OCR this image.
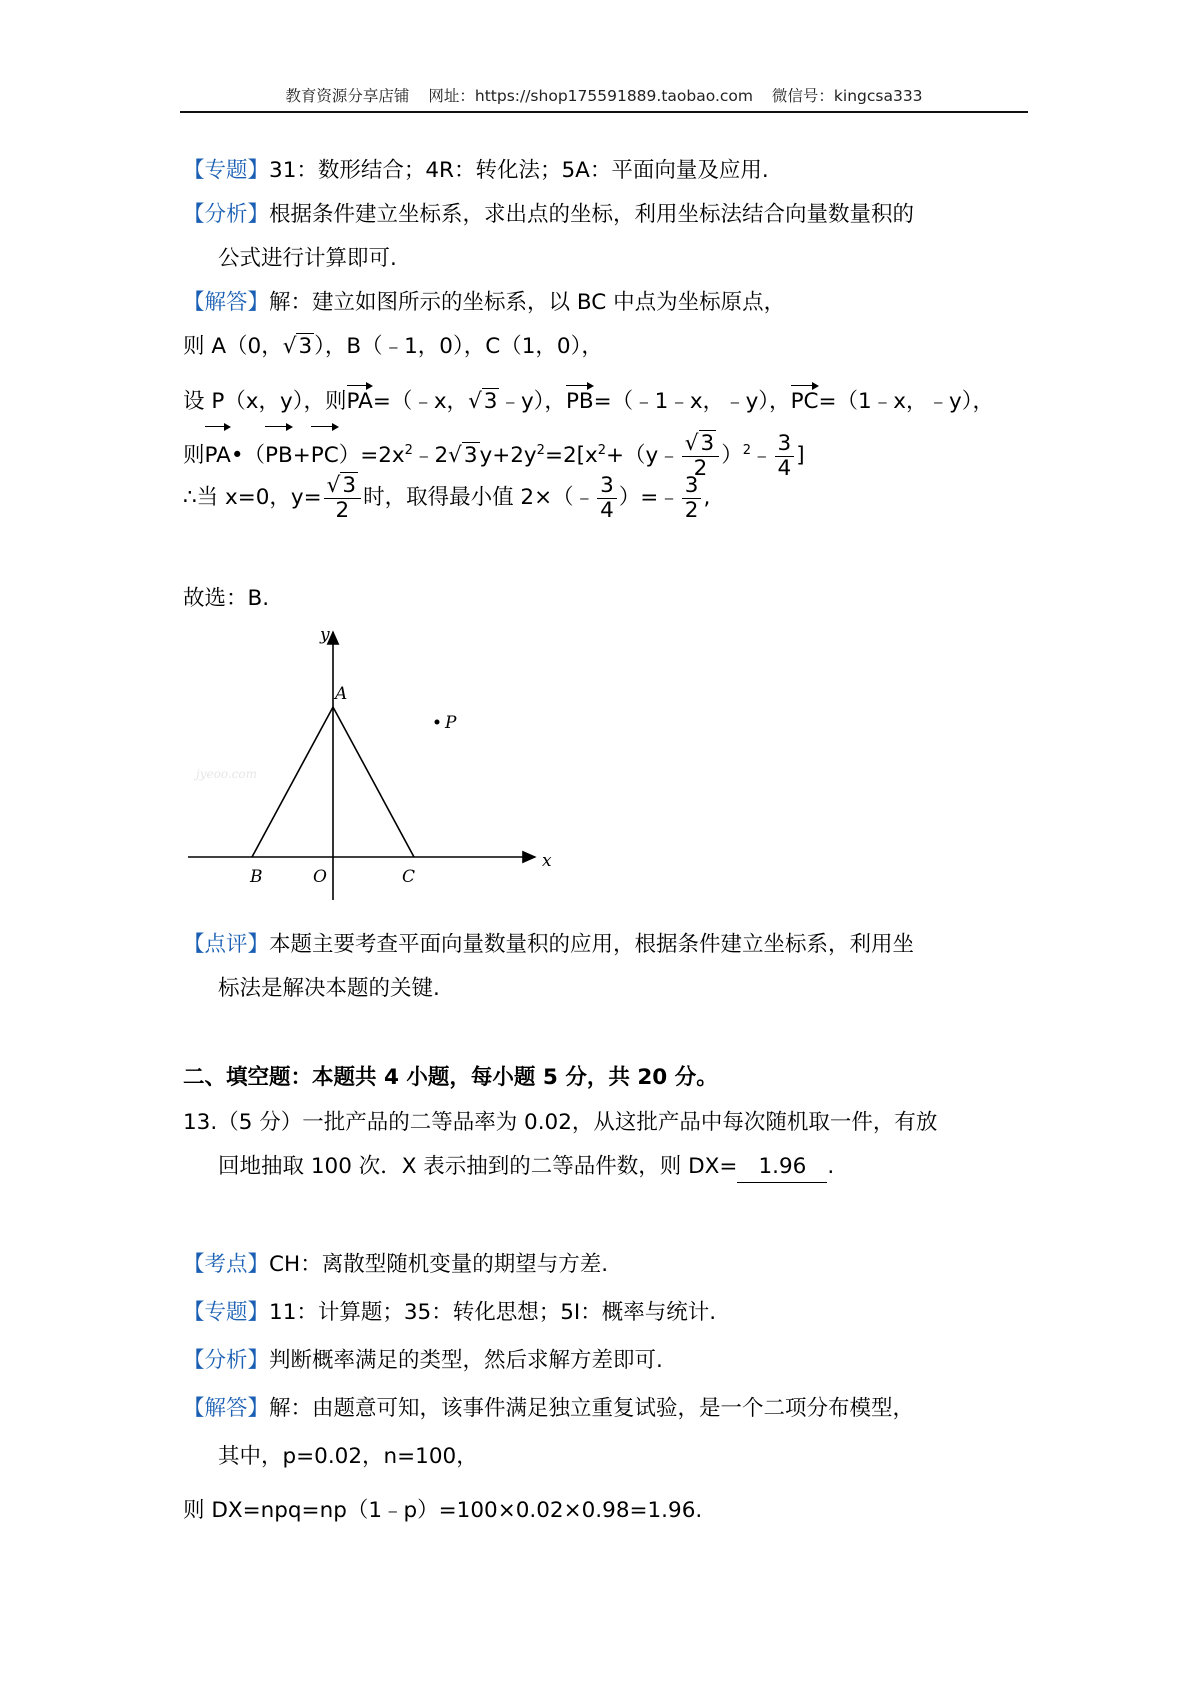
教育资源分享店铺 网址：https://shop175591889.taobao.com 微信号：kingcsa333
【专题】31：数形结合；4R：转化法；5A：平面向量及应用.
【分析】根据条件建立坐标系，求出点的坐标，利用坐标法结合向量数量积的
公式进行计算即可.
【解答】解：建立如图所示的坐标系，以 BC 中点为坐标原点，
则 A（0，√3），B（﹣1，0），C（1，0），
设 P（x，y），则PA=（﹣x，√3﹣y），PB=（﹣1﹣x，﹣y），PC=（1﹣x，﹣y），
则$PA•(PB+PC)=2x^2﹣2√3y+2y^2=2[x^2+(y﹣ \frac{√3}{2}$ ）$^2$﹣ $\frac{3}{4}$ ]
∴当 x=0，$y= \frac{√3}{2}$ 时，取得最小值 2×（﹣ $\frac{3}{4}$ ）=﹣ $\frac{3}{2}$ ,
故选：B.
y
x
A
B	O	C
P
jyeoo.com
【点评】本题主要考查平面向量数量积的应用，根据条件建立坐标系，利用坐
标法是解决本题的关键.
二、填空题：本题共 4 小题，每小题 5 分，共 20 分。
13.（5 分）一批产品的二等品率为 0.02，从这批产品中每次随机取一件，有放
回地抽取 100 次．X 表示抽到的二等品件数，则 DX= 1.96 .
【考点】CH：离散型随机变量的期望与方差.
【专题】11：计算题；35：转化思想；5I：概率与统计.
【分析】判断概率满足的类型，然后求解方差即可.
【解答】解：由题意可知，该事件满足独立重复试验，是一个二项分布模型，
其中，p=0.02，n=100，
则 DX=npq=np（1﹣p）=100×0.02×0.98=1.96.
